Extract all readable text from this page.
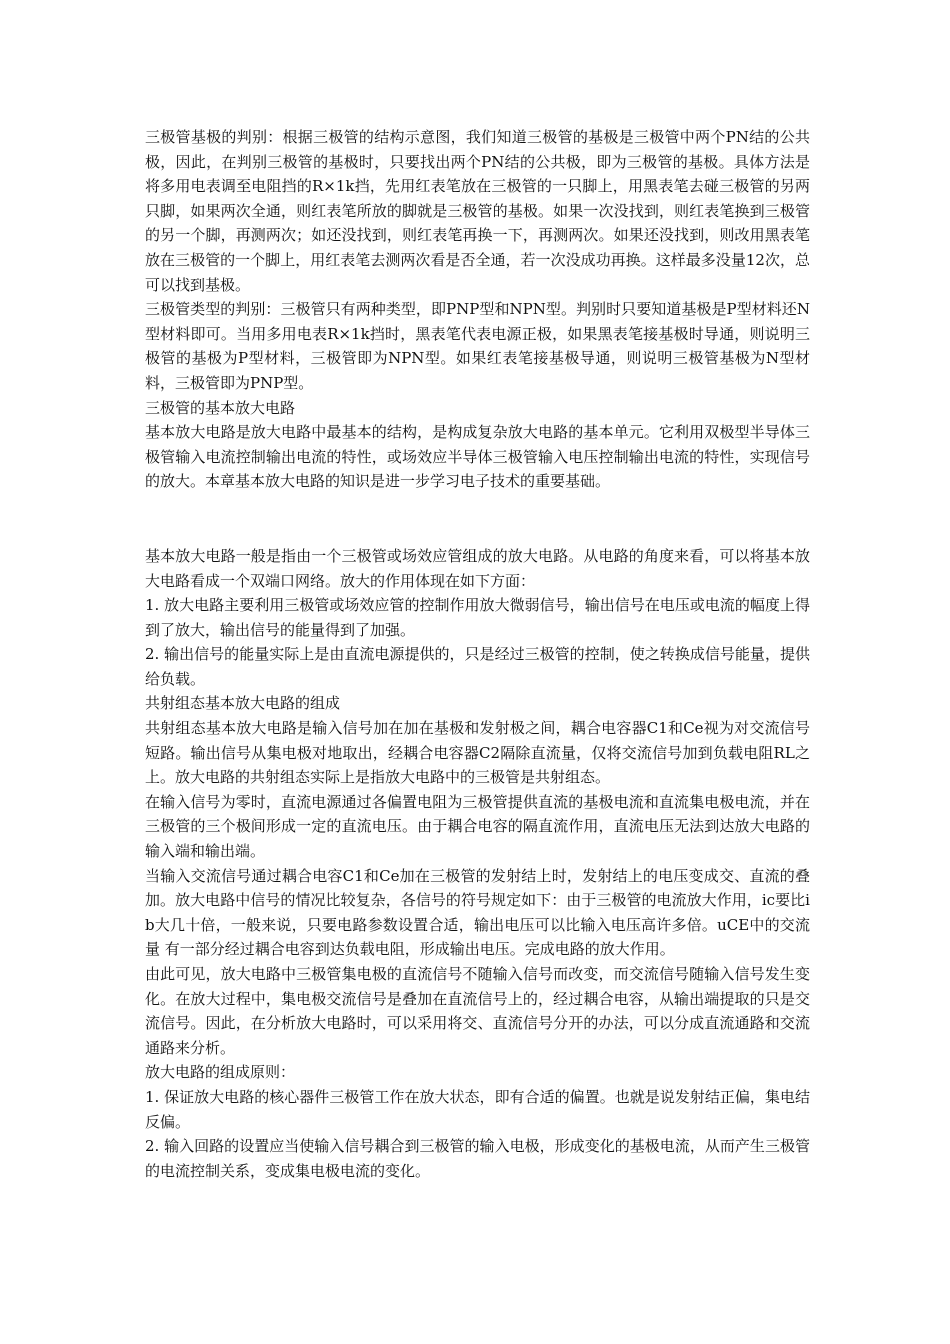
三极管基极的判别：根据三极管的结构示意图，我们知道三极管的基极是三极管中两个PN结的公共极，因此，在判别三极管的基极时，只要找出两个PN结的公共极，即为三极管的基极。具体方法是将多用电表调至电阻挡的R×1k挡，先用红表笔放在三极管的一只脚上，用黑表笔去碰三极管的另两只脚，如果两次全通，则红表笔所放的脚就是三极管的基极。如果一次没找到，则红表笔换到三极管的另一个脚，再测两次；如还没找到，则红表笔再换一下，再测两次。如果还没找到，则改用黑表笔放在三极管的一个脚上，用红表笔去测两次看是否全通，若一次没成功再换。这样最多没量12次，总可以找到基极。

三极管类型的判别：三极管只有两种类型，即PNP型和NPN型。判别时只要知道基极是P型材料还N型材料即可。当用多用电表R×1k挡时，黑表笔代表电源正极，如果黑表笔接基极时导通，则说明三极管的基极为P型材料，三极管即为NPN型。如果红表笔接基极导通，则说明三极管基极为N型材料，三极管即为PNP型。

三极管的基本放大电路

基本放大电路是放大电路中最基本的结构，是构成复杂放大电路的基本单元。它利用双极型半导体三极管输入电流控制输出电流的特性，或场效应半导体三极管输入电压控制输出电流的特性，实现信号的放大。本章基本放大电路的知识是进一步学习电子技术的重要基础。

基本放大电路一般是指由一个三极管或场效应管组成的放大电路。从电路的角度来看，可以将基本放大电路看成一个双端口网络。放大的作用体现在如下方面：

1. 放大电路主要利用三极管或场效应管的控制作用放大微弱信号，输出信号在电压或电流的幅度上得到了放大，输出信号的能量得到了加强。

2. 输出信号的能量实际上是由直流电源提供的，只是经过三极管的控制，使之转换成信号能量，提供给负载。

共射组态基本放大电路的组成

共射组态基本放大电路是输入信号加在加在基极和发射极之间，耦合电容器C1和Ce视为对交流信号短路。输出信号从集电极对地取出，经耦合电容器C2隔除直流量，仅将交流信号加到负载电阻RL之上。放大电路的共射组态实际上是指放大电路中的三极管是共射组态。

在输入信号为零时，直流电源通过各偏置电阻为三极管提供直流的基极电流和直流集电极电流，并在三极管的三个极间形成一定的直流电压。由于耦合电容的隔直流作用，直流电压无法到达放大电路的输入端和输出端。

当输入交流信号通过耦合电容C1和Ce加在三极管的发射结上时，发射结上的电压变成交、直流的叠加。放大电路中信号的情况比较复杂，各信号的符号规定如下：由于三极管的电流放大作用，ic要比ib大几十倍，一般来说，只要电路参数设置合适，输出电压可以比输入电压高许多倍。uCE中的交流量 有一部分经过耦合电容到达负载电阻，形成输出电压。完成电路的放大作用。

由此可见，放大电路中三极管集电极的直流信号不随输入信号而改变，而交流信号随输入信号发生变化。在放大过程中，集电极交流信号是叠加在直流信号上的，经过耦合电容，从输出端提取的只是交流信号。因此，在分析放大电路时，可以采用将交、直流信号分开的办法，可以分成直流通路和交流通路来分析。

放大电路的组成原则：

1. 保证放大电路的核心器件三极管工作在放大状态，即有合适的偏置。也就是说发射结正偏，集电结反偏。

2. 输入回路的设置应当使输入信号耦合到三极管的输入电极，形成变化的基极电流，从而产生三极管的电流控制关系，变成集电极电流的变化。
